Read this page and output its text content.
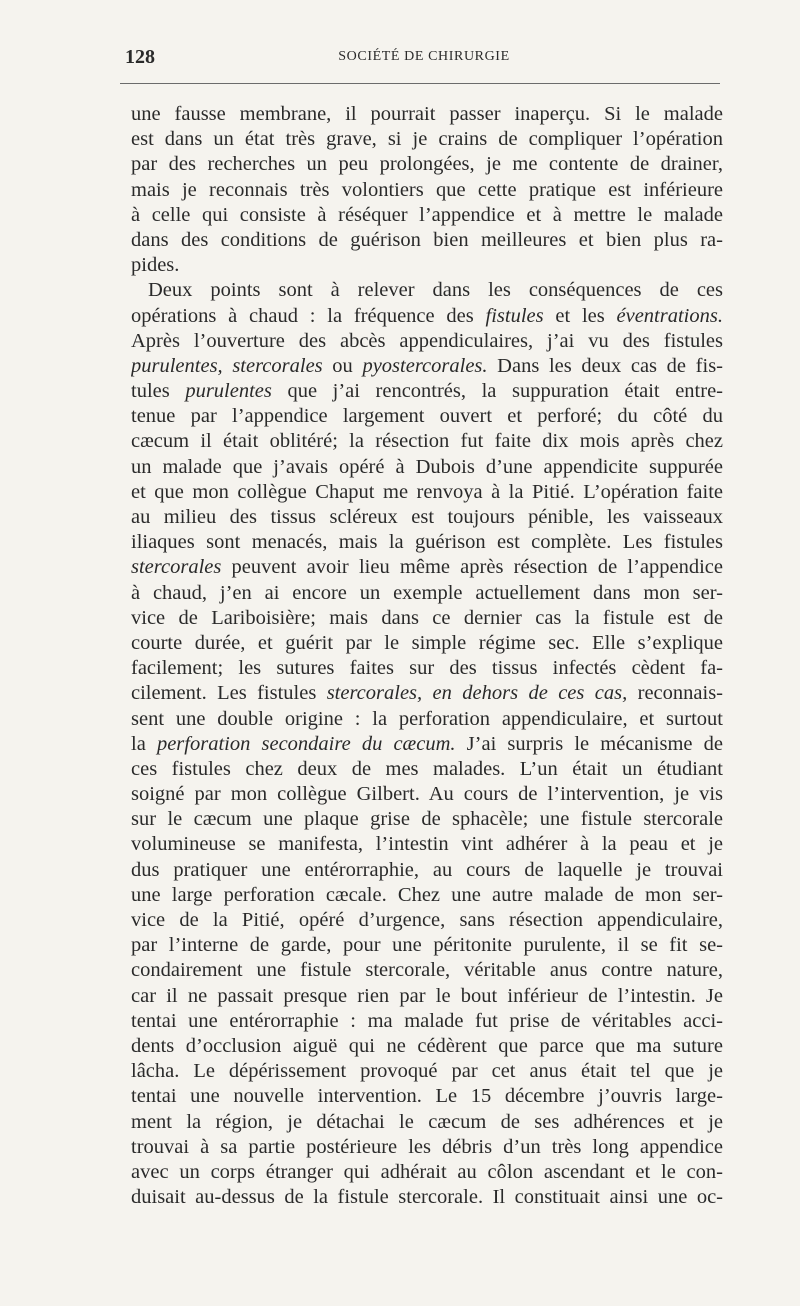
128	SOCIÉTÉ DE CHIRURGIE
une fausse membrane, il pourrait passer inaperçu. Si le malade
est dans un état très grave, si je crains de compliquer l’opération
par des recherches un peu prolongées, je me contente de drainer,
mais je reconnais très volontiers que cette pratique est inférieure
à celle qui consiste à réséquer l’appendice et à mettre le malade
dans des conditions de guérison bien meilleures et bien plus ra-
pides.
Deux points sont à relever dans les conséquences de ces
opérations à chaud : la fréquence des fistules et les éventrations.
Après l’ouverture des abcès appendiculaires, j’ai vu des fistules
purulentes, stercorales ou pyostercorales. Dans les deux cas de fis-
tules purulentes que j’ai rencontrés, la suppuration était entre-
tenue par l’appendice largement ouvert et perforé; du côté du
cæcum il était oblitéré; la résection fut faite dix mois après chez
un malade que j’avais opéré à Dubois d’une appendicite suppurée
et que mon collègue Chaput me renvoya à la Pitié. L’opération faite
au milieu des tissus scléreux est toujours pénible, les vaisseaux
iliaques sont menacés, mais la guérison est complète. Les fistules
stercorales peuvent avoir lieu même après résection de l’appendice
à chaud, j’en ai encore un exemple actuellement dans mon ser-
vice de Lariboisière; mais dans ce dernier cas la fistule est de
courte durée, et guérit par le simple régime sec. Elle s’explique
facilement; les sutures faites sur des tissus infectés cèdent fa-
cilement. Les fistules stercorales, en dehors de ces cas, reconnais-
sent une double origine : la perforation appendiculaire, et surtout
la perforation secondaire du cæcum. J’ai surpris le mécanisme de
ces fistules chez deux de mes malades. L’un était un étudiant
soigné par mon collègue Gilbert. Au cours de l’intervention, je vis
sur le cæcum une plaque grise de sphacèle; une fistule stercorale
volumineuse se manifesta, l’intestin vint adhérer à la peau et je
dus pratiquer une entérorraphie, au cours de laquelle je trouvai
une large perforation cæcale. Chez une autre malade de mon ser-
vice de la Pitié, opéré d’urgence, sans résection appendiculaire,
par l’interne de garde, pour une péritonite purulente, il se fit se-
condairement une fistule stercorale, véritable anus contre nature,
car il ne passait presque rien par le bout inférieur de l’intestin. Je
tentai une entérorraphie : ma malade fut prise de véritables acci-
dents d’occlusion aiguë qui ne cédèrent que parce que ma suture
lâcha. Le dépérissement provoqué par cet anus était tel que je
tentai une nouvelle intervention. Le 15 décembre j’ouvris large-
ment la région, je détachai le cæcum de ses adhérences et je
trouvai à sa partie postérieure les débris d’un très long appendice
avec un corps étranger qui adhérait au côlon ascendant et le con-
duisait au-dessus de la fistule stercorale. Il constituait ainsi une oc-
